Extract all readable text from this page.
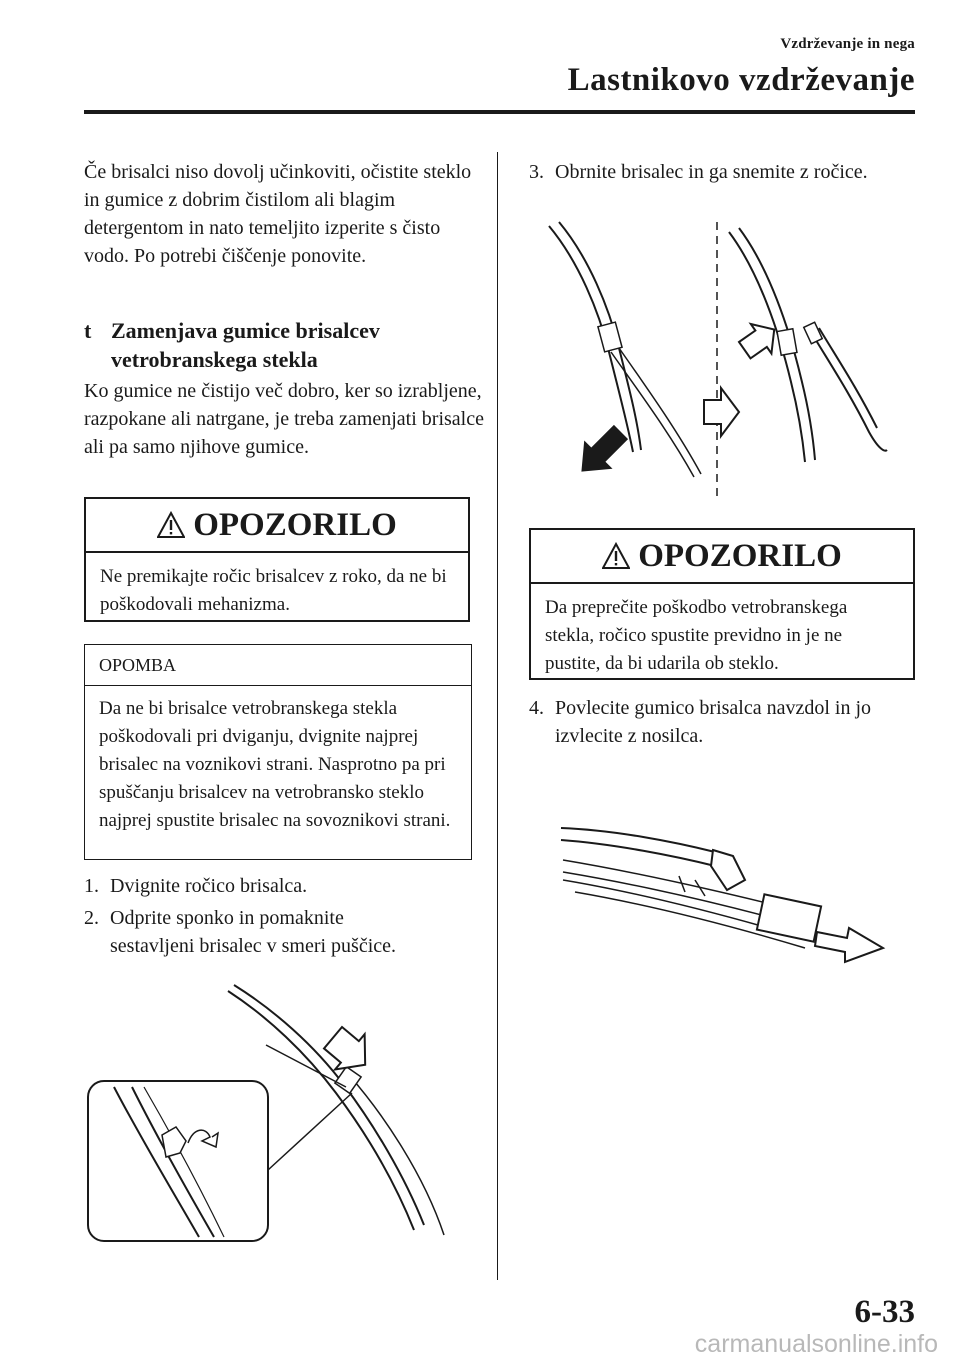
Vzdrževanje in nega
Lastnikovo vzdrževanje
Če brisalci niso dovolj učinkoviti, očistite steklo in gumice z dobrim čistilom ali blagim detergentom in nato temeljito izperite s čisto vodo. Po potrebi čiščenje ponovite.
t Zamenjava gumice brisalcev
vetrobranskega stekla
Ko gumice ne čistijo več dobro, ker so izrabljene, razpokane ali natrgane, je treba zamenjati brisalce ali pa samo njihove gumice.
OPOZORILO
Ne premikajte ročic brisalcev z roko, da ne bi poškodovali mehanizma.
OPOMBA
Da ne bi brisalce vetrobranskega stekla poškodovali pri dviganju, dvignite najprej brisalec na voznikovi strani. Nasprotno pa pri spuščanju brisalcev na vetrobransko steklo najprej spustite brisalec na sovoznikovi strani.
1. Dvignite ročico brisalca.
2. Odprite sponko in pomaknite
sestavljeni brisalec v smeri puščice.
3. Obrnite brisalec in ga snemite z ročice.
OPOZORILO
Da preprečite poškodbo vetrobranskega stekla, ročico spustite previdno in je ne pustite, da bi udarila ob steklo.
4. Povlecite gumico brisalca navzdol in jo
izvlecite z nosilca.
6-33
carmanualsonline.info
